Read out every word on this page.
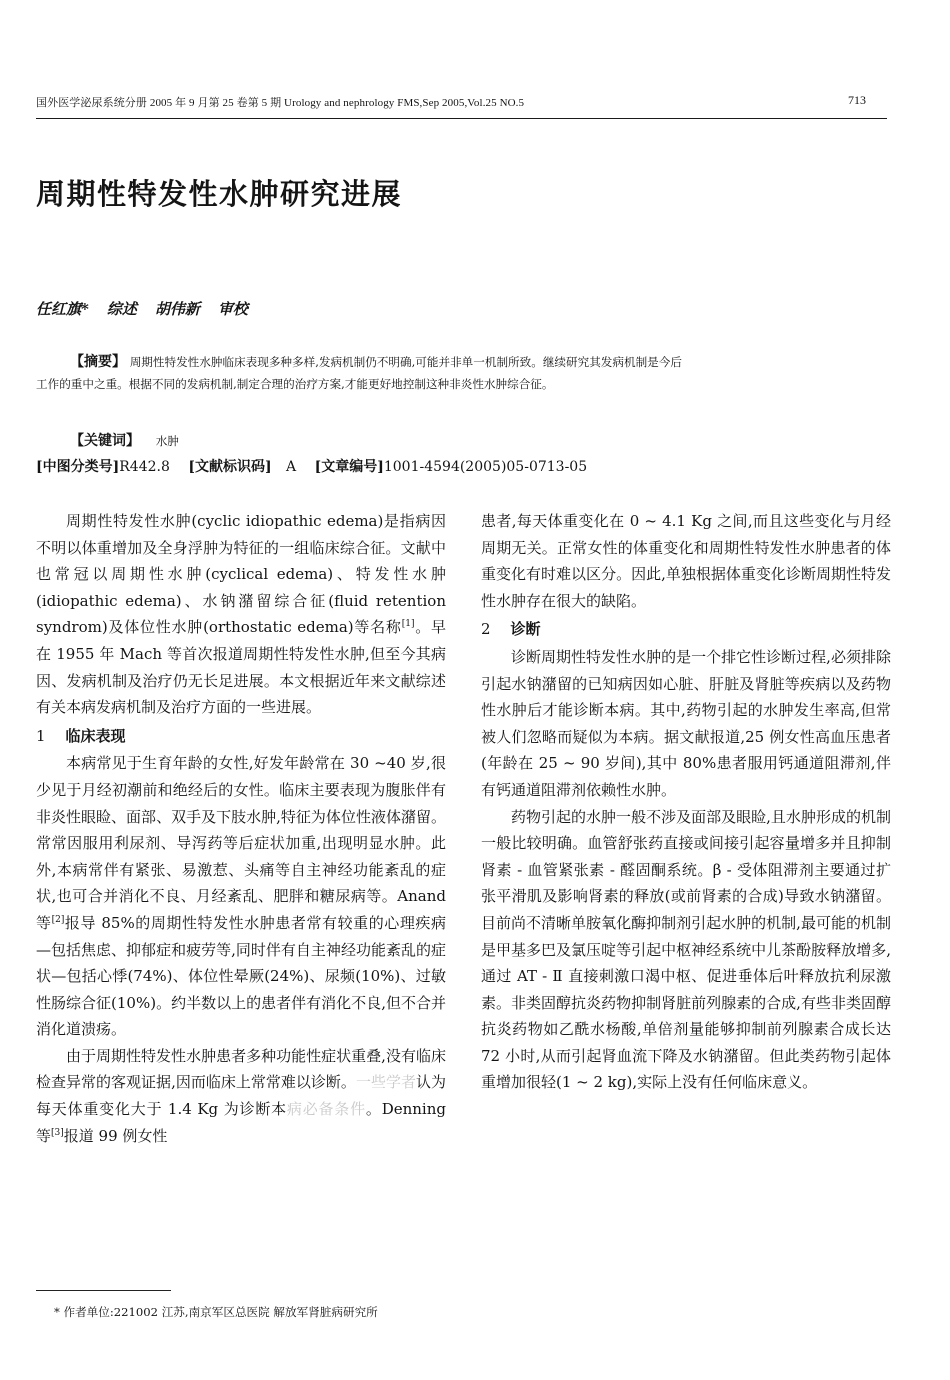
国外医学泌尿系统分册 2005 年 9 月第 25 卷第 5 期 Urology and nephrology FMS,Sep 2005,Vol.25 NO.5	713
周期性特发性水肿研究进展
任红旗* 综述 胡伟新 审校
【摘要】 周期性特发性水肿临床表现多种多样,发病机制仍不明确,可能并非单一机制所致。继续研究其发病机制是今后工作的重中之重。根据不同的发病机制,制定合理的治疗方案,才能更好地控制这种非炎性水肿综合征。
【关键词】 水肿
[中图分类号]R442.8 [文献标识码] A [文章编号]1001-4594(2005)05-0713-05

周期性特发性水肿(cyclic idiopathic edema)是指病因不明以体重增加及全身浮肿为特征的一组临床综合征。文献中也常冠以周期性水肿(cyclical edema)、特发性水肿(idiopathic edema)、水钠潴留综合征(fluid retention syndrom)及体位性水肿(orthostatic edema)等名称[1]。早在 1955 年 Mach 等首次报道周期性特发性水肿,但至今其病因、发病机制及治疗仍无长足进展。本文根据近年来文献综述有关本病发病机制及治疗方面的一些进展。

1 临床表现

本病常见于生育年龄的女性,好发年龄常在 30 ~40 岁,很少见于月经初潮前和绝经后的女性。临床主要表现为腹胀伴有非炎性眼睑、面部、双手及下肢水肿,特征为体位性液体潴留。常常因服用利尿剂、导泻药等后症状加重,出现明显水肿。此外,本病常伴有紧张、易激惹、头痛等自主神经功能紊乱的症状,也可合并消化不良、月经紊乱、肥胖和糖尿病等。Anand 等[2]报导 85%的周期性特发性水肿患者常有较重的心理疾病—包括焦虑、抑郁症和疲劳等,同时伴有自主神经功能紊乱的症状—包括心悸(74%)、体位性晕厥(24%)、尿频(10%)、过敏性肠综合征(10%)。约半数以上的患者伴有消化不良,但不合并消化道溃疡。

由于周期性特发性水肿患者多种功能性症状重叠,没有临床检查异常的客观证据,因而临床上常常难以诊断。一些学者认为每天体重变化大于 1.4 Kg 为诊断本病必备条件。Denning 等[3]报道 99 例女性

患者,每天体重变化在 0 ~ 4.1 Kg 之间,而且这些变化与月经周期无关。正常女性的体重变化和周期性特发性水肿患者的体重变化有时难以区分。因此,单独根据体重变化诊断周期性特发性水肿存在很大的缺陷。

2 诊断

诊断周期性特发性水肿的是一个排它性诊断过程,必须排除引起水钠潴留的已知病因如心脏、肝脏及肾脏等疾病以及药物性水肿后才能诊断本病。其中,药物引起的水肿发生率高,但常被人们忽略而疑似为本病。据文献报道,25 例女性高血压患者(年龄在 25 ~ 90 岁间),其中 80%患者服用钙通道阻滞剂,伴有钙通道阻滞剂依赖性水肿。

药物引起的水肿一般不涉及面部及眼睑,且水肿形成的机制一般比较明确。血管舒张药直接或间接引起容量增多并且抑制肾素 - 血管紧张素 - 醛固酮系统。β - 受体阻滞剂主要通过扩张平滑肌及影响肾素的释放(或前肾素的合成)导致水钠潴留。目前尚不清晰单胺氧化酶抑制剂引起水肿的机制,最可能的机制是甲基多巴及氯压啶等引起中枢神经系统中儿茶酚胺释放增多,通过 AT - Ⅱ 直接刺激口渴中枢、促进垂体后叶释放抗利尿激素。非类固醇抗炎药物抑制肾脏前列腺素的合成,有些非类固醇抗炎药物如乙酰水杨酸,单倍剂量能够抑制前列腺素合成长达 72 小时,从而引起肾血流下降及水钠潴留。但此类药物引起体重增加很轻(1 ~ 2 kg),实际上没有任何临床意义。

* 作者单位:221002 江苏,南京军区总医院 解放军肾脏病研究所
